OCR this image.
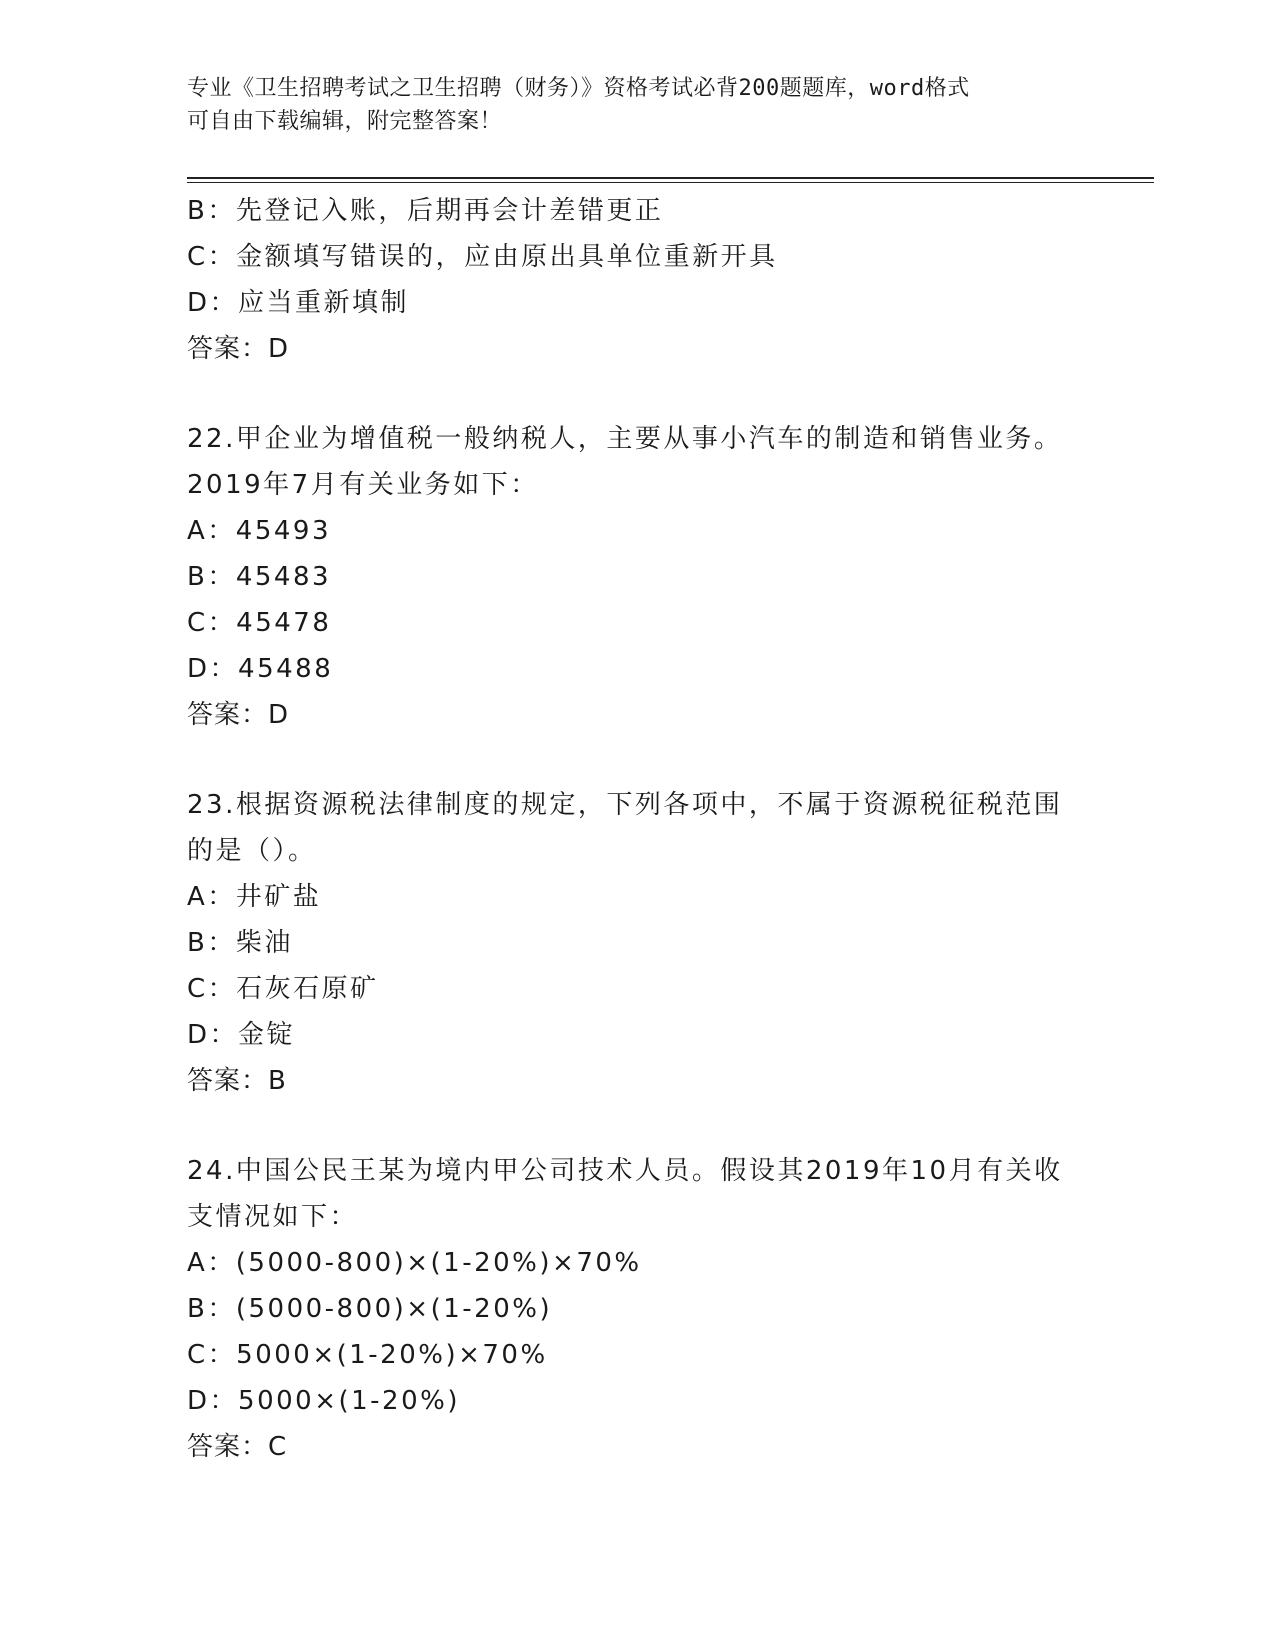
专业《卫生招聘考试之卫生招聘（财务）》资格考试必背200题题库，word格式
可自由下载编辑，附完整答案！
B：先登记入账，后期再会计差错更正
C：金额填写错误的，应由原出具单位重新开具
D：应当重新填制
答案：D
22.甲企业为增值税一般纳税人，主要从事小汽车的制造和销售业务。
2019年7月有关业务如下：
A：45493
B：45483
C：45478
D：45488
答案：D
23.根据资源税法律制度的规定，下列各项中，不属于资源税征税范围
的是（）。
A：井矿盐
B：柴油
C：石灰石原矿
D：金锭
答案：B
24.中国公民王某为境内甲公司技术人员。假设其2019年10月有关收
支情况如下：
A：(5000-800)×(1-20%)×70%
B：(5000-800)×(1-20%)
C：5000×(1-20%)×70%
D：5000×(1-20%)
答案：C
